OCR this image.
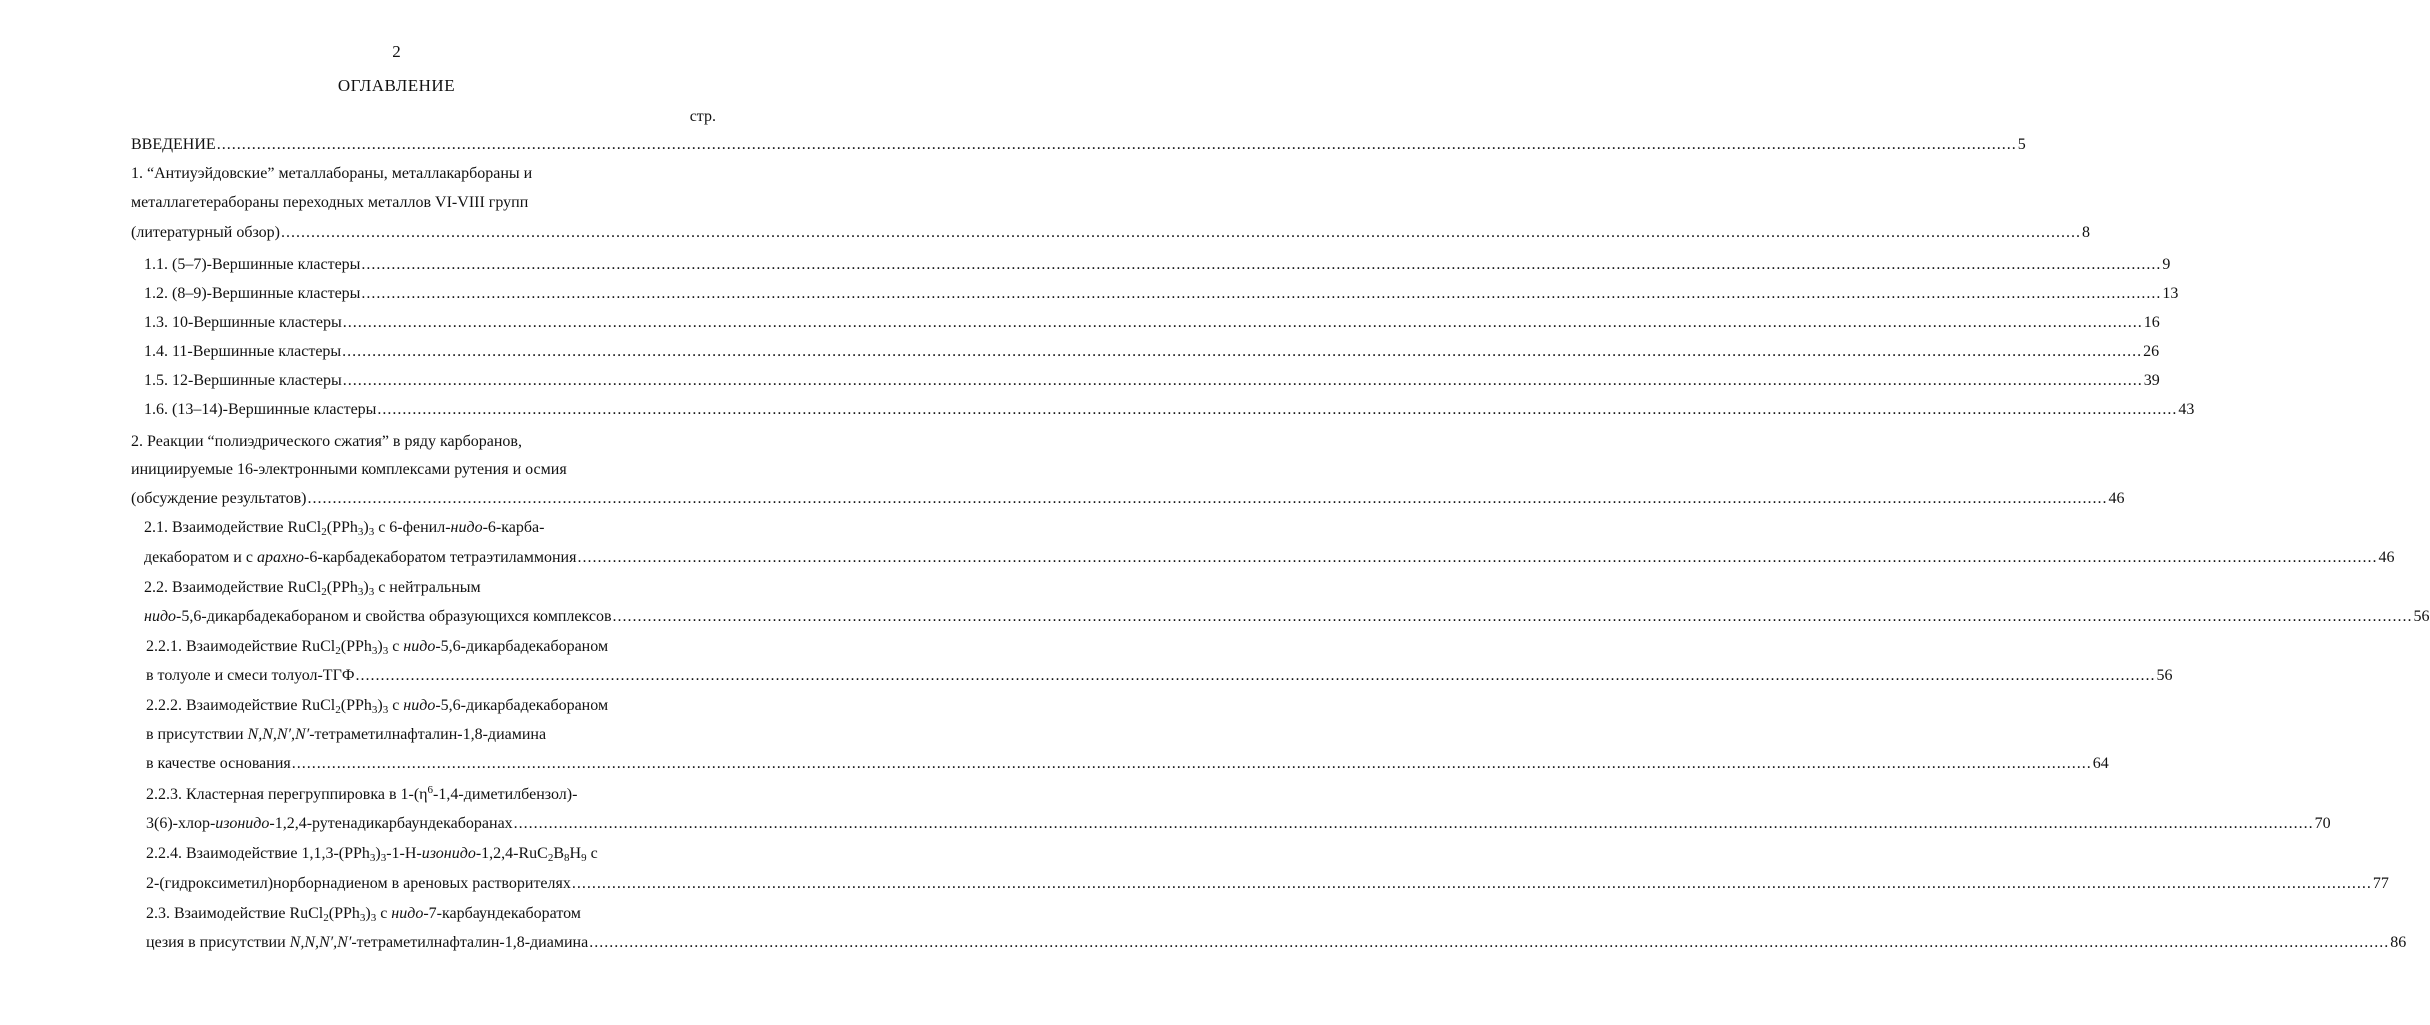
2
ОГЛАВЛЕНИЕ
стр.
ВВЕДЕНИЕ ........................................................................................................................................................................................................................................................................................................................................................................ 5
1. “Антиуэйдовские” металлабораны, металлакарбораны и
металлагетерабораны переходных металлов VI-VIII групп
(литературный обзор) ........................................................................................................................................................................................................................................................................................................................................................................ 8
1.1. (5–7)-Вершинные кластеры ........................................................................................................................................................................................................................................................................................................................................................................ 9
1.2. (8–9)-Вершинные кластеры ........................................................................................................................................................................................................................................................................................................................................................................ 13
1.3. 10-Вершинные кластеры ........................................................................................................................................................................................................................................................................................................................................................................ 16
1.4. 11-Вершинные кластеры ........................................................................................................................................................................................................................................................................................................................................................................ 26
1.5. 12-Вершинные кластеры ........................................................................................................................................................................................................................................................................................................................................................................ 39
1.6. (13–14)-Вершинные кластеры ........................................................................................................................................................................................................................................................................................................................................................................ 43
2. Реакции “полиэдрического сжатия” в ряду карборанов,
инициируемые 16-электронными комплексами рутения и осмия
(обсуждение результатов) ........................................................................................................................................................................................................................................................................................................................................................................ 46
2.1. Взаимодействие $RuCl_2(PPh_3)_3$ с 6-фенил-нидо-6-карба-
декаборатом и с арахно-6-карбадекаборатом тетраэтиламмония ........................................................................................................................................................................................................................................................................................................................................................................ 46
2.2. Взаимодействие $RuCl_2(PPh_3)_3$ с нейтральным
нидо-5,6-дикарбадекабораном и свойства образующихся комплексов ........................................................................................................................................................................................................................................................................................................................................................................ 56
2.2.1. Взаимодействие $RuCl_2(PPh_3)_3$ с нидо-5,6-дикарбадекабораном
в толуоле и смеси толуол-ТГФ ........................................................................................................................................................................................................................................................................................................................................................................ 56
2.2.2. Взаимодействие $RuCl_2(PPh_3)_3$ с нидо-5,6-дикарбадекабораном
в присутствии N,N,N′,N′-тетраметилнафталин-1,8-диамина
в качестве основания ........................................................................................................................................................................................................................................................................................................................................................................ 64
2.2.3. Кластерная перегруппировка в $1-(\eta^6-1,4-диметилбензол)-$
3(6)-хлор-изонидо-1,2,4-рутенадикарбаундекаборанах ........................................................................................................................................................................................................................................................................................................................................................................ 70
2.2.4. Взаимодействие $1,1,3-(PPh_3)_3-1-H-изонидо-1,2,4-RuC_2B_8H_9$ с
2-(гидроксиметил)норборнадиеном в ареновых растворителях ........................................................................................................................................................................................................................................................................................................................................................................ 77
2.3. Взаимодействие $RuCl_2(PPh_3)_3$ с нидо-7-карбаундекаборатом
цезия в присутствии N,N,N′,N′-тетраметилнафталин-1,8-диамина ........................................................................................................................................................................................................................................................................................................................................................................ 86
